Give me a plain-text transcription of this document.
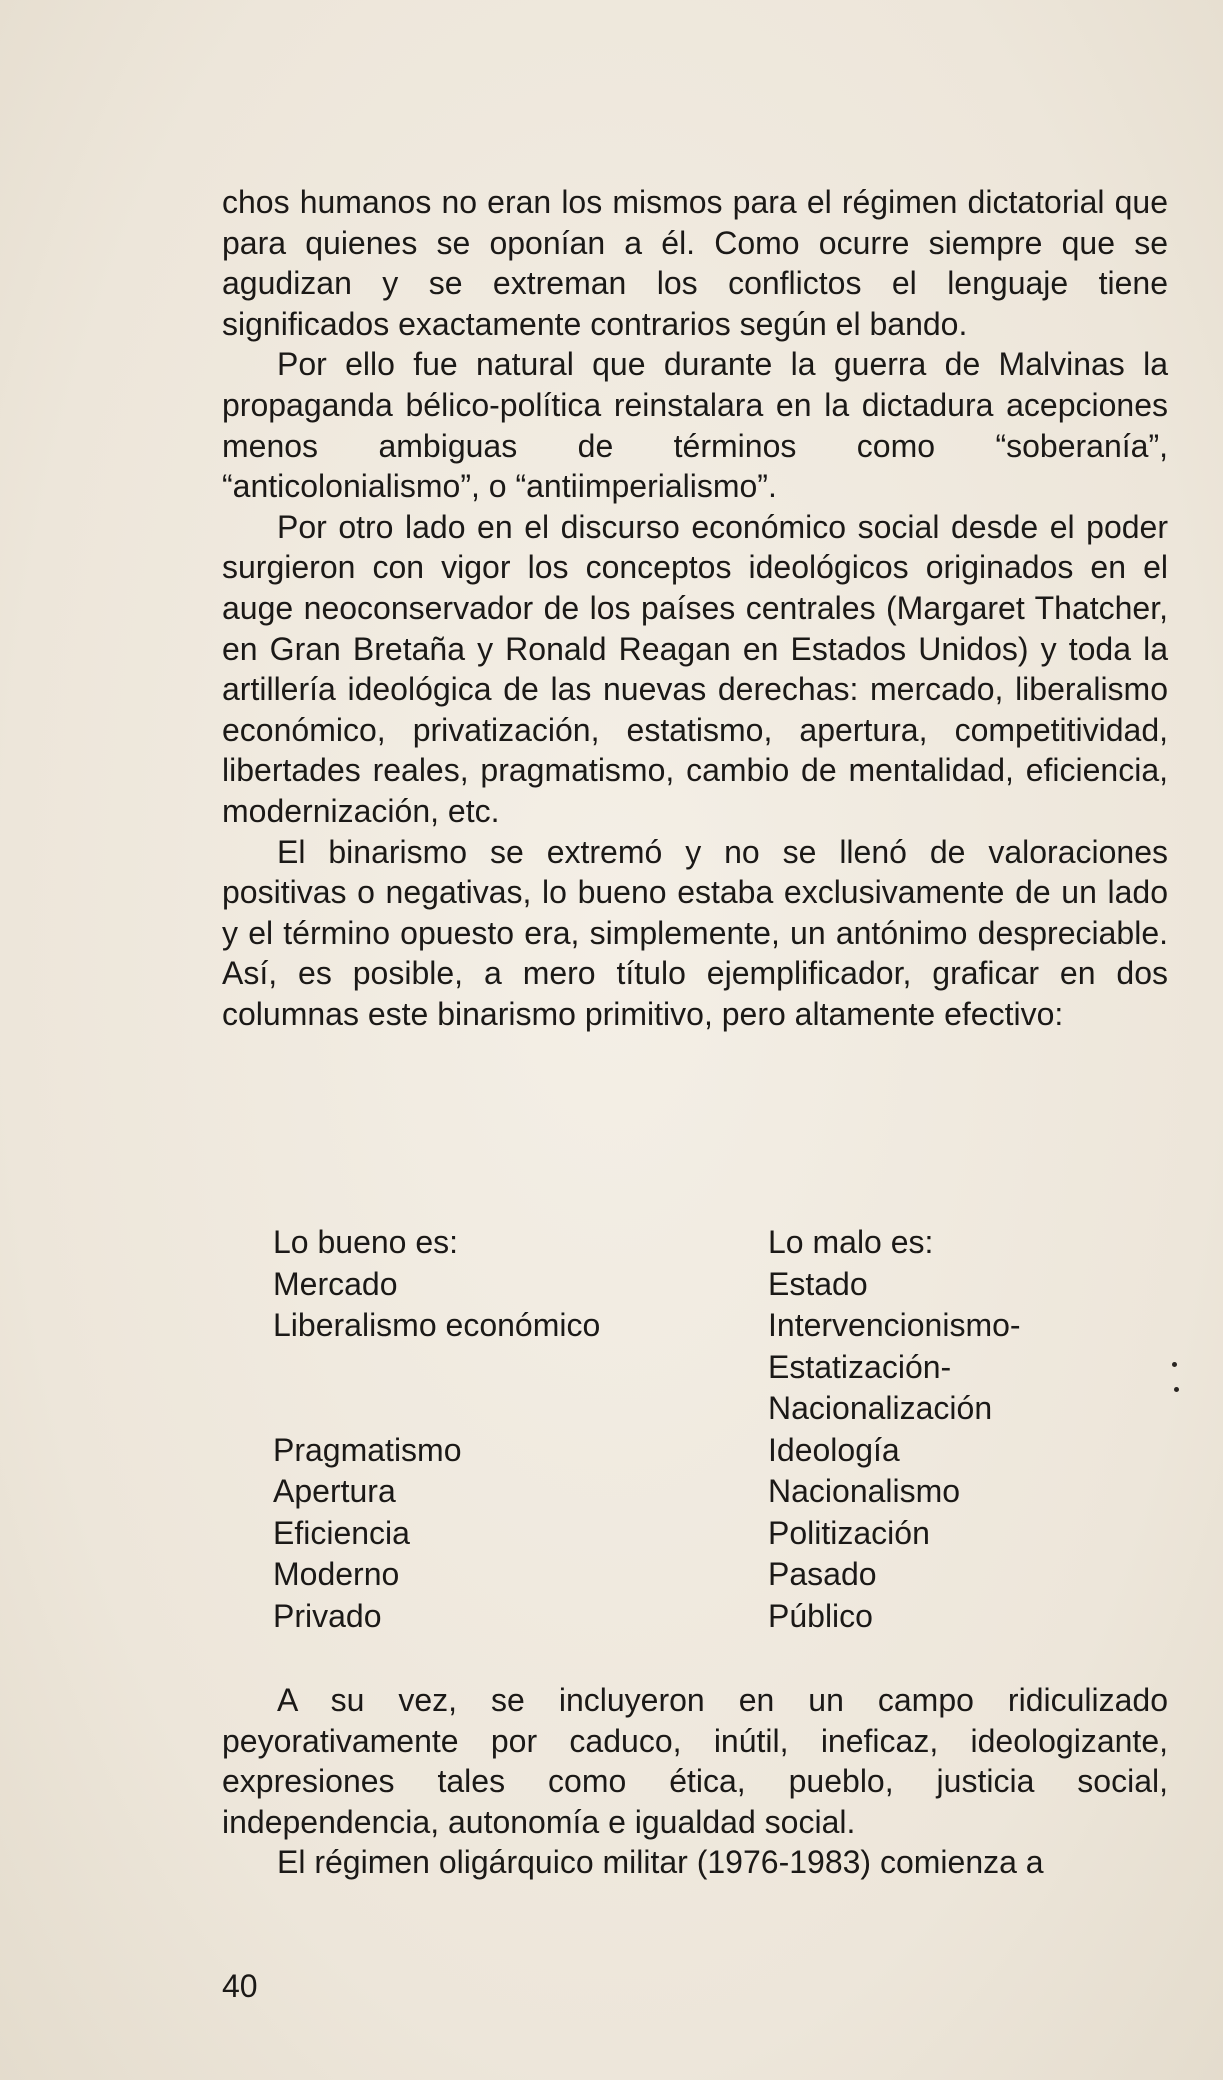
chos humanos no eran los mismos para el régimen dictatorial que para quienes se oponían a él. Como ocurre siempre que se agudizan y se extreman los conflictos el lenguaje tiene significados exactamente contrarios según el bando.

Por ello fue natural que durante la guerra de Malvinas la propaganda bélico-política reinstalara en la dictadura acepciones menos ambiguas de términos como “soberanía”, “anticolonialismo”, o “antiimperialismo”.

Por otro lado en el discurso económico social desde el poder surgieron con vigor los conceptos ideológicos originados en el auge neoconservador de los países centrales (Margaret Thatcher, en Gran Bretaña y Ronald Reagan en Estados Unidos) y toda la artillería ideológica de las nuevas derechas: mercado, liberalismo económico, privatización, estatismo, apertura, competitividad, libertades reales, pragmatismo, cambio de mentalidad, eficiencia, modernización, etc.

El binarismo se extremó y no se llenó de valoraciones positivas o negativas, lo bueno estaba exclusivamente de un lado y el término opuesto era, simplemente, un antónimo despreciable. Así, es posible, a mero título ejemplificador, graficar en dos columnas este binarismo primitivo, pero altamente efectivo:

Lo bueno es:
Mercado
Liberalismo económico
Pragmatismo
Apertura
Eficiencia
Moderno
Privado
Lo malo es:
Estado
Intervencionismo-
Estatización-
Nacionalización
Ideología
Nacionalismo
Politización
Pasado
Público

A su vez, se incluyeron en un campo ridiculizado peyorativamente por caduco, inútil, ineficaz, ideologizante, expresiones tales como ética, pueblo, justicia social, independencia, autonomía e igualdad social.

El régimen oligárquico militar (1976-1983) comienza a

40
